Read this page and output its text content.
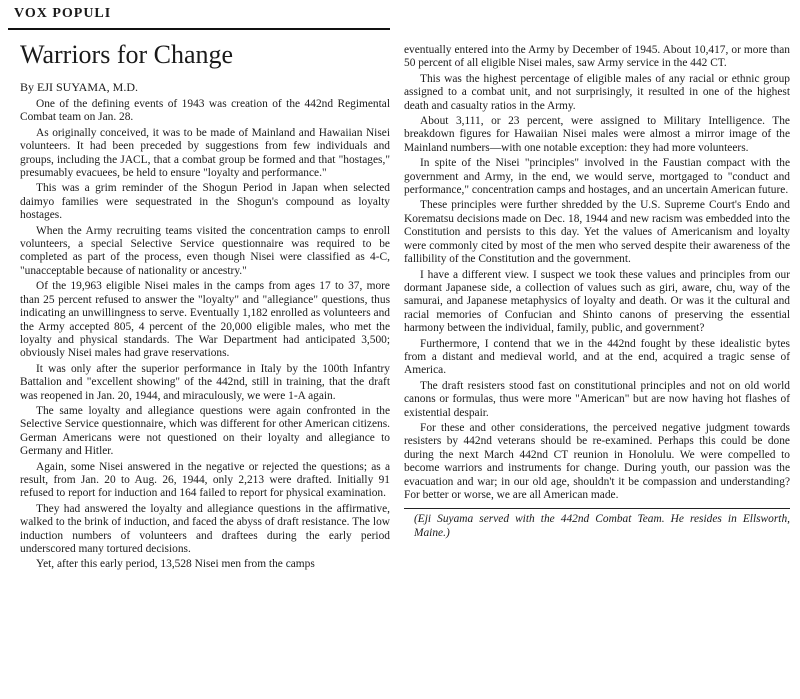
VOX POPULI
Warriors for Change
By EJI SUYAMA, M.D.

One of the defining events of 1943 was creation of the 442nd Regimental Combat team on Jan. 28.

As originally conceived, it was to be made of Mainland and Hawaiian Nisei volunteers. It had been preceded by suggestions from few individuals and groups, including the JACL, that a combat group be formed and that "hostages," presumably evacuees, be held to ensure "loyalty and performance."

This was a grim reminder of the Shogun Period in Japan when selected daimyo families were sequestrated in the Shogun's compound as loyalty hostages.

When the Army recruiting teams visited the concentration camps to enroll volunteers, a special Selective Service questionnaire was required to be completed as part of the process, even though Nisei were classified as 4-C, "unacceptable because of nationality or ancestry."

Of the 19,963 eligible Nisei males in the camps from ages 17 to 37, more than 25 percent refused to answer the "loyalty" and "allegiance" questions, thus indicating an unwillingness to serve. Eventually 1,182 enrolled as volunteers and the Army accepted 805, 4 percent of the 20,000 eligible males, who met the loyalty and physical standards. The War Department had anticipated 3,500; obviously Nisei males had grave reservations.

It was only after the superior performance in Italy by the 100th Infantry Battalion and "excellent showing" of the 442nd, still in training, that the draft was reopened in Jan. 20, 1944, and miraculously, we were 1-A again.

The same loyalty and allegiance questions were again confronted in the Selective Service questionnaire, which was different for other American citizens. German Americans were not questioned on their loyalty and allegiance to Germany and Hitler.

Again, some Nisei answered in the negative or rejected the questions; as a result, from Jan. 20 to Aug. 26, 1944, only 2,213 were drafted. Initially 91 refused to report for induction and 164 failed to report for physical examination.

They had answered the loyalty and allegiance questions in the affirmative, walked to the brink of induction, and faced the abyss of draft resistance. The low induction numbers of volunteers and draftees during the early period underscored many tortured decisions.

Yet, after this early period, 13,528 Nisei men from the camps

eventually entered into the Army by December of 1945. About 10,417, or more than 50 percent of all eligible Nisei males, saw Army service in the 442 CT.

This was the highest percentage of eligible males of any racial or ethnic group assigned to a combat unit, and not surprisingly, it resulted in one of the highest death and casualty ratios in the Army.

About 3,111, or 23 percent, were assigned to Military Intelligence. The breakdown figures for Hawaiian Nisei males were almost a mirror image of the Mainland numbers—with one notable exception: they had more volunteers.

In spite of the Nisei "principles" involved in the Faustian compact with the government and Army, in the end, we would serve, mortgaged to "conduct and performance," concentration camps and hostages, and an uncertain American future.

These principles were further shredded by the U.S. Supreme Court's Endo and Korematsu decisions made on Dec. 18, 1944 and new racism was embedded into the Constitution and persists to this day. Yet the values of Americanism and loyalty were commonly cited by most of the men who served despite their awareness of the fallibility of the Constitution and the government.

I have a different view. I suspect we took these values and principles from our dormant Japanese side, a collection of values such as giri, aware, chu, way of the samurai, and Japanese metaphysics of loyalty and death. Or was it the cultural and racial memories of Confucian and Shinto canons of preserving the essential harmony between the individual, family, public, and government?

Furthermore, I contend that we in the 442nd fought by these idealistic bytes from a distant and medieval world, and at the end, acquired a tragic sense of America.

The draft resisters stood fast on constitutional principles and not on old world canons or formulas, thus were more "American" but are now having hot flashes of existential despair.

For these and other considerations, the perceived negative judgment towards resisters by 442nd veterans should be re-examined. Perhaps this could be done during the next March 442nd CT reunion in Honolulu. We were compelled to become warriors and instruments for change. During youth, our passion was the evacuation and war; in our old age, shouldn't it be compassion and understanding? For better or worse, we are all American made.

(Eji Suyama served with the 442nd Combat Team. He resides in Ellsworth, Maine.)
